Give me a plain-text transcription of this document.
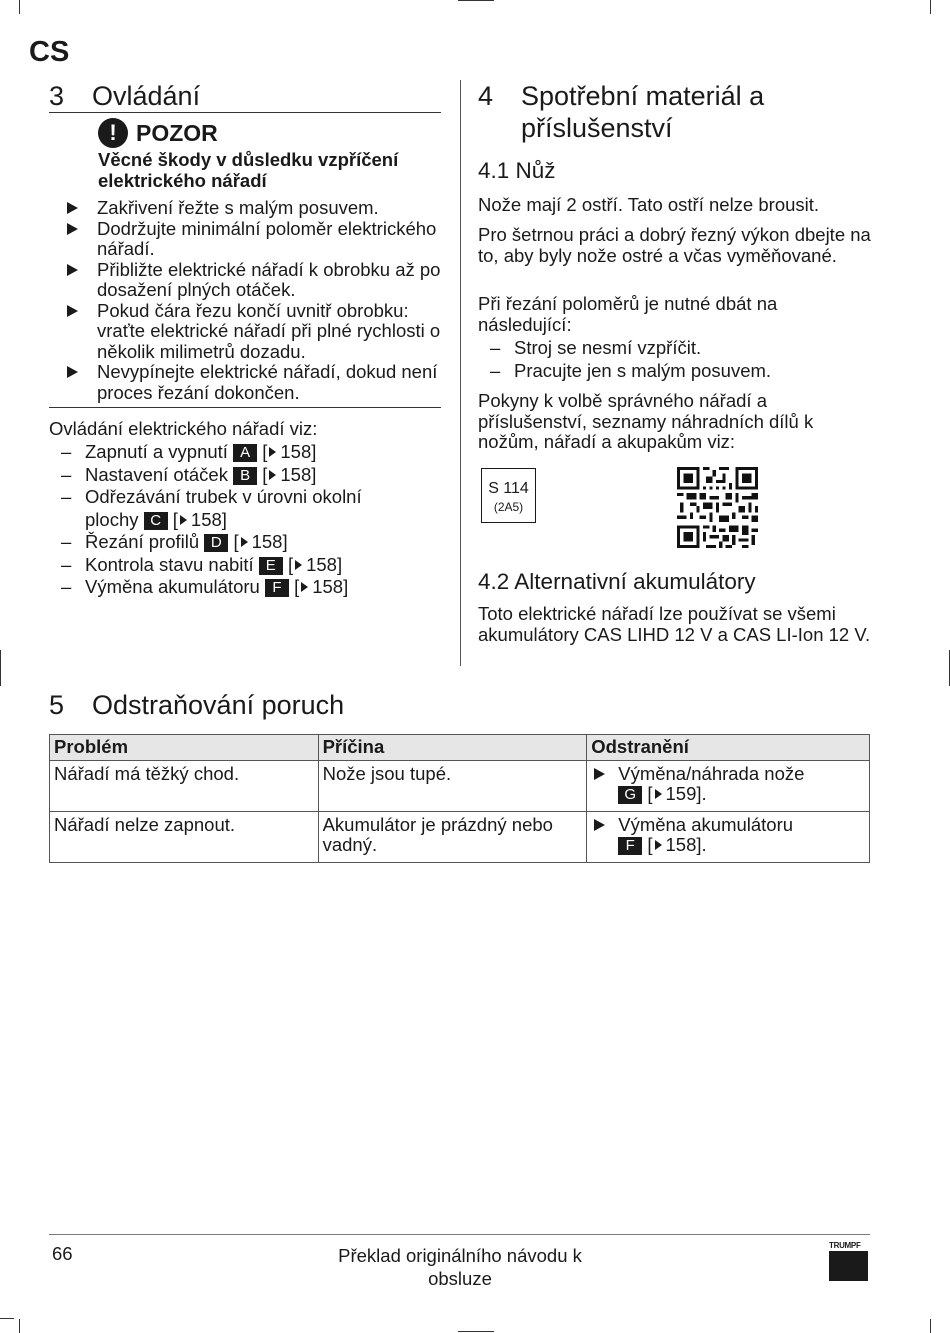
CS
3 Ovládání
! POZOR
Věcné škody v důsledku vzpříčení elektrického nářadí
Zakřivení řežte s malým posuvem.
Dodržujte minimální poloměr elektrického nářadí.
Přibližte elektrické nářadí k obrobku až po dosažení plných otáček.
Pokud čára řezu končí uvnitř obrobku: vraťte elektrické nářadí při plné rychlosti o několik milimetrů dozadu.
Nevypínejte elektrické nářadí, dokud není proces řezání dokončen.
Ovládání elektrického nářadí viz:
– Zapnutí a vypnutí A [ 158]
– Nastavení otáček B [ 158]
– Odřezávání trubek v úrovni okolní plochy C [ 158]
– Řezání profilů D [ 158]
– Kontrola stavu nabití E [ 158]
– Výměna akumulátoru F [ 158]
4	Spotřební materiál a příslušenství
4.1 Nůž
Nože mají 2 ostří. Tato ostří nelze brousit.
Pro šetrnou práci a dobrý řezný výkon dbejte na to, aby byly nože ostré a včas vyměňované.
Při řezání poloměrů je nutné dbát na následující:
– Stroj se nesmí vzpříčit.
– Pracujte jen s malým posuvem.
Pokyny k volbě správného nářadí a příslušenství, seznamy náhradních dílů k nožům, nářadí a akupakům viz:
S 114
(2A5)
4.2 Alternativní akumulátory
Toto elektrické nářadí lze používat se všemi akumulátory CAS LIHD 12 V a CAS LI-Ion 12 V.
5 Odstraňování poruch
Problém	Příčina	Odstranění
Nářadí má těžký chod.	Nože jsou tupé.	Výměna/náhrada nože
G [ 159].

Nářadí nelze zapnout.	Akumulátor je prázdný nebo vadný.	Výměna akumulátoru
F [ 158].
66	Překlad originálního návodu k obsluze
TRUMPF
